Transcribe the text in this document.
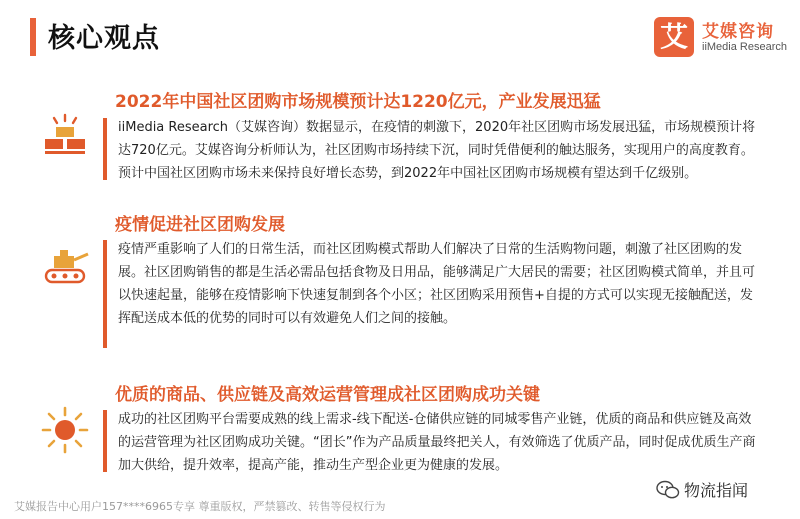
核心观点	艾 艾媒咨询
iiMedia Research
2022年中国社区团购市场规模预计达1220亿元，产业发展迅猛
iiMedia Research（艾媒咨询）数据显示，在疫情的刺激下，2020年社区团购市场发展迅猛，市场规模预计将达720亿元。艾媒咨询分析师认为，社区团购市场持续下沉，同时凭借便利的触达服务，实现用户的高度教育。预计中国社区团购市场未来保持良好增长态势，到2022年中国社区团购市场规模有望达到千亿级别。
疫情促进社区团购发展
疫情严重影响了人们的日常生活，而社区团购模式帮助人们解决了日常的生活购物问题，刺激了社区团购的发展。社区团购销售的都是生活必需品包括食物及日用品，能够满足广大居民的需要；社区团购模式简单，并且可以快速起量，能够在疫情影响下快速复制到各个小区；社区团购采用预售+自提的方式可以实现无接触配送，发挥配送成本低的优势的同时可以有效避免人们之间的接触。
优质的商品、供应链及高效运营管理成社区团购成功关键
成功的社区团购平台需要成熟的线上需求-线下配送-仓储供应链的同城零售产业链，优质的商品和供应链及高效的运营管理为社区团购成功关键。“团长”作为产品质量最终把关人，有效筛选了优质产品，同时促成优质生产商加大供给，提升效率，提高产能，推动生产型企业更为健康的发展。
物流指闻
艾媒报告中心用户157****6965专享 尊重版权，严禁篡改、转售等侵权行为
